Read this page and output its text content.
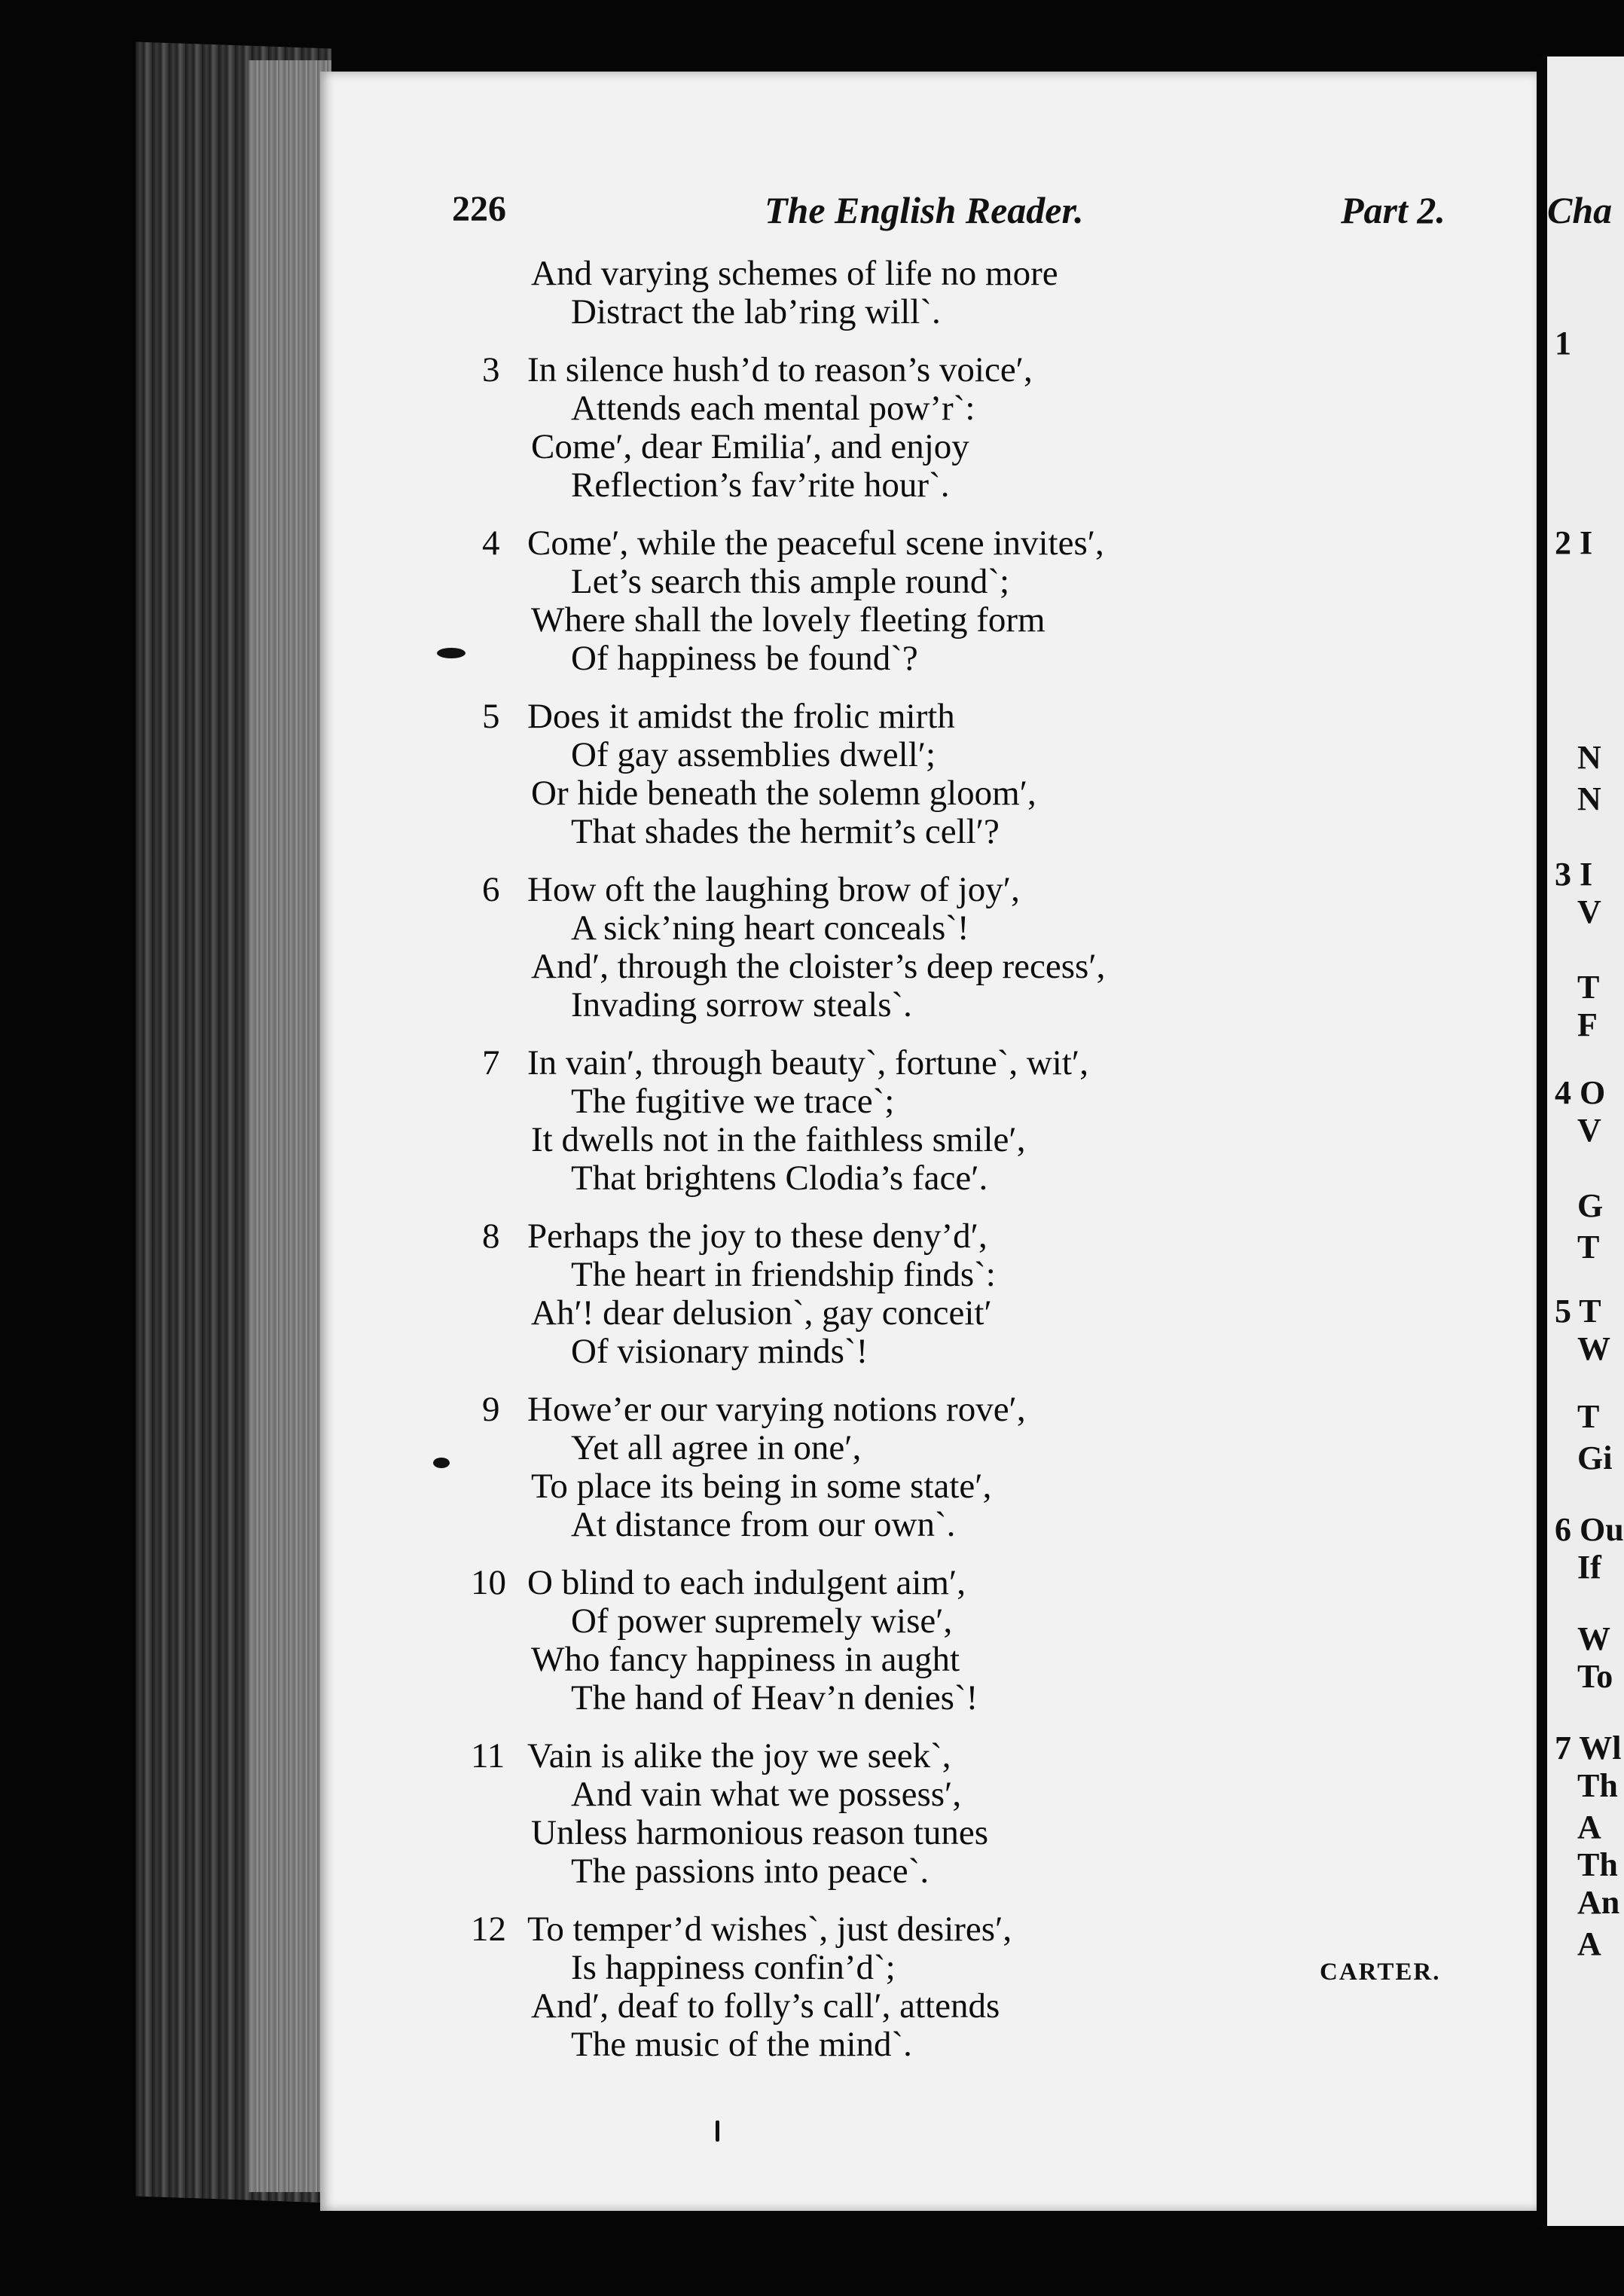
226	The English Reader.	Part 2.
And varying schemes of life no more
Distract the lab’ring will`.
3 In silence hush’d to reason’s voice′,
Attends each mental pow’r`:
Come′, dear Emilia′, and enjoy
Reflection’s fav’rite hour`.
4 Come′, while the peaceful scene invites′,
Let’s search this ample round`;
Where shall the lovely fleeting form
Of happiness be found`?
5 Does it amidst the frolic mirth
Of gay assemblies dwell′;
Or hide beneath the solemn gloom′,
That shades the hermit’s cell′?
6 How oft the laughing brow of joy′,
A sick’ning heart conceals`!
And′, through the cloister’s deep recess′,
Invading sorrow steals`.
7 In vain′, through beauty`, fortune`, wit′,
The fugitive we trace`;
It dwells not in the faithless smile′,
That brightens Clodia’s face′.
8 Perhaps the joy to these deny’d′,
The heart in friendship finds`:
Ah′! dear delusion`, gay conceit′
Of visionary minds`!
9 Howe’er our varying notions rove′,
Yet all agree in one′,
To place its being in some state′,
At distance from our own`.
10 O blind to each indulgent aim′,
Of power supremely wise′,
Who fancy happiness in aught
The hand of Heav’n denies`!
11 Vain is alike the joy we seek`,
And vain what we possess′,
Unless harmonious reason tunes
The passions into peace`.
12 To temper’d wishes`, just desires′,
Is happiness confin’d`;
And′, deaf to folly’s call′, attends
The music of the mind`.
CARTER.
Cha
1
2 I
N
N
3 I
V
T
F
4 O
V
G
T
5 T
W
T
Gi
6 Ou
If
W
To
7 Wl
Th
A
Th
An
A
